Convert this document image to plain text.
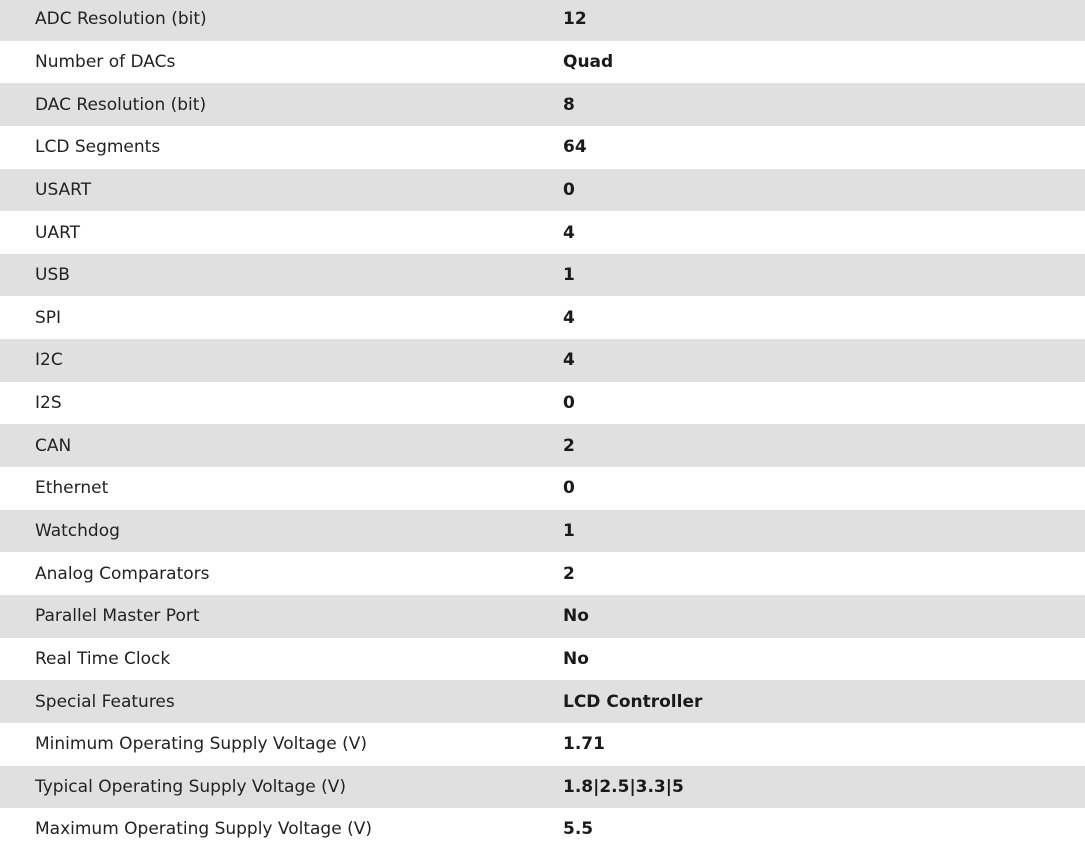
ADC Resolution (bit)	12
Number of DACs	Quad
DAC Resolution (bit)	8
LCD Segments	64
USART	0
UART	4
USB	1
SPI	4
I2C	4
I2S	0
CAN	2
Ethernet	0
Watchdog	1
Analog Comparators	2
Parallel Master Port	No
Real Time Clock	No
Special Features	LCD Controller
Minimum Operating Supply Voltage (V)	1.71
Typical Operating Supply Voltage (V)	1.8|2.5|3.3|5
Maximum Operating Supply Voltage (V)	5.5
